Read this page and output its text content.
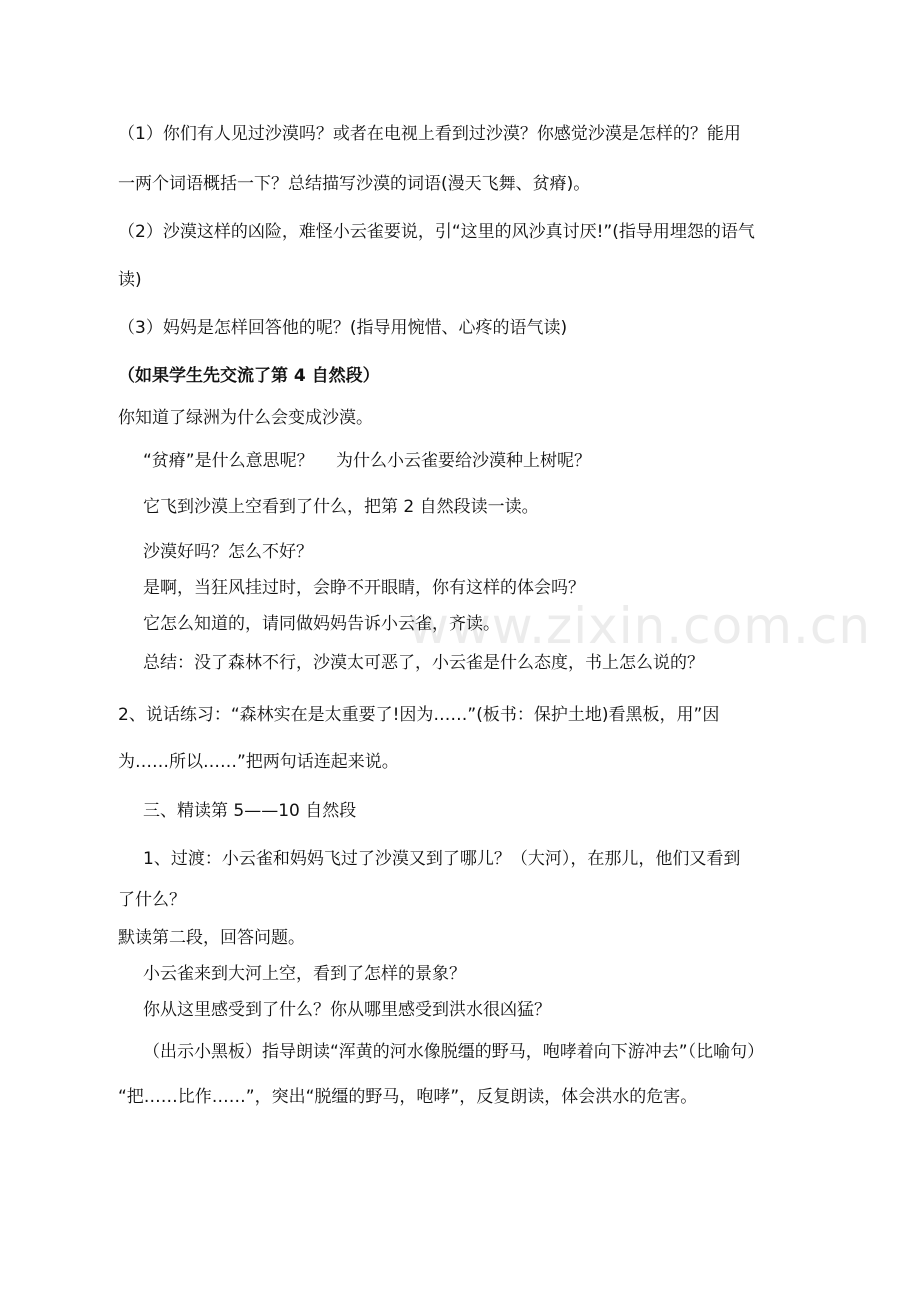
www.zixin.com.cn
（1）你们有人见过沙漠吗？或者在电视上看到过沙漠？你感觉沙漠是怎样的？能用
一两个词语概括一下？总结描写沙漠的词语(漫天飞舞、贫瘠)。
（2）沙漠这样的凶险，难怪小云雀要说，引“这里的风沙真讨厌!”(指导用埋怨的语气
读)
（3）妈妈是怎样回答他的呢？(指导用惋惜、心疼的语气读)
（如果学生先交流了第 4 自然段）
你知道了绿洲为什么会变成沙漠。
“贫瘠”是什么意思呢？　 为什么小云雀要给沙漠种上树呢？
它飞到沙漠上空看到了什么，把第 2 自然段读一读。
沙漠好吗？怎么不好？
是啊，当狂风挂过时，会睁不开眼睛，你有这样的体会吗？
它怎么知道的，请同做妈妈告诉小云雀，齐读。
总结：没了森林不行，沙漠太可恶了，小云雀是什么态度，书上怎么说的？
2、说话练习：“森林实在是太重要了!因为……”(板书：保护土地)看黑板，用”因
为……所以……”把两句话连起来说。
三、精读第 5——10 自然段
1、过渡：小云雀和妈妈飞过了沙漠又到了哪儿？（大河），在那儿，他们又看到
了什么？
默读第二段，回答问题。
小云雀来到大河上空，看到了怎样的景象？
你从这里感受到了什么？你从哪里感受到洪水很凶猛？
（出示小黑板）指导朗读“浑黄的河水像脱缰的野马，咆哮着向下游冲去”（比喻句）
“把……比作……”，突出“脱缰的野马，咆哮”，反复朗读，体会洪水的危害。
